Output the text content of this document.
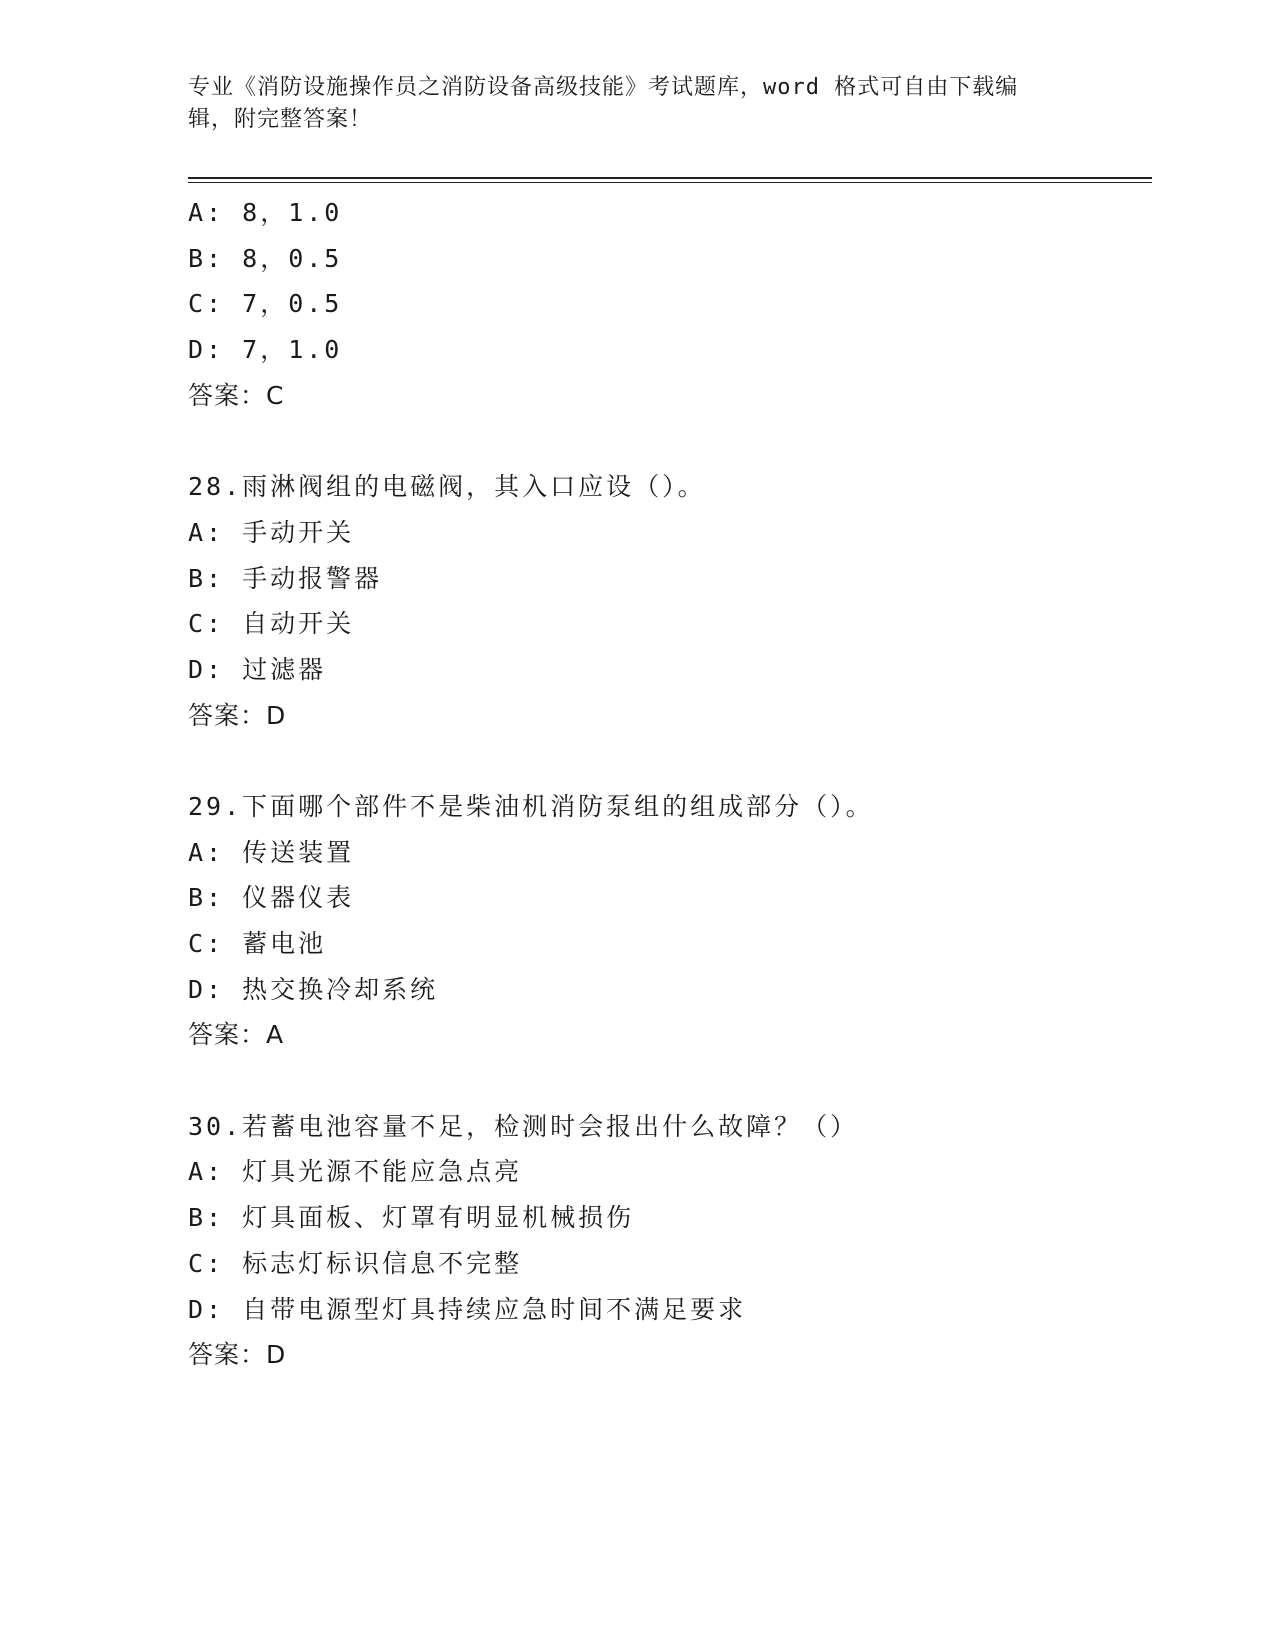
专业《消防设施操作员之消防设备高级技能》考试题库，word 格式可自由下载编
辑，附完整答案！
A: 8，1.0
B: 8，0.5
C: 7，0.5
D: 7，1.0
答案：C
28.雨淋阀组的电磁阀，其入口应设（）。
A: 手动开关
B: 手动报警器
C: 自动开关
D: 过滤器
答案：D
29.下面哪个部件不是柴油机消防泵组的组成部分（）。
A: 传送装置
B: 仪器仪表
C: 蓄电池
D: 热交换冷却系统
答案：A
30.若蓄电池容量不足，检测时会报出什么故障？（）
A: 灯具光源不能应急点亮
B: 灯具面板、灯罩有明显机械损伤
C: 标志灯标识信息不完整
D: 自带电源型灯具持续应急时间不满足要求
答案：D
